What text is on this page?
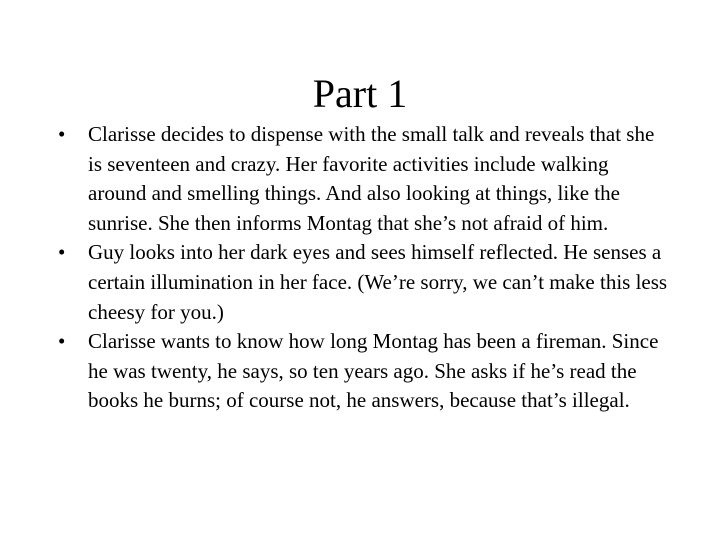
Part 1
•	Clarisse decides to dispense with the small talk and reveals that she is seventeen and crazy. Her favorite activities include walking around and smelling things. And also looking at things, like the sunrise. She then informs Montag that she’s not afraid of him.
•	Guy looks into her dark eyes and sees himself reflected. He senses a certain illumination in her face. (We’re sorry, we can’t make this less cheesy for you.)
•	Clarisse wants to know how long Montag has been a fireman. Since he was twenty, he says, so ten years ago. She asks if he’s read the books he burns; of course not, he answers, because that’s illegal.
